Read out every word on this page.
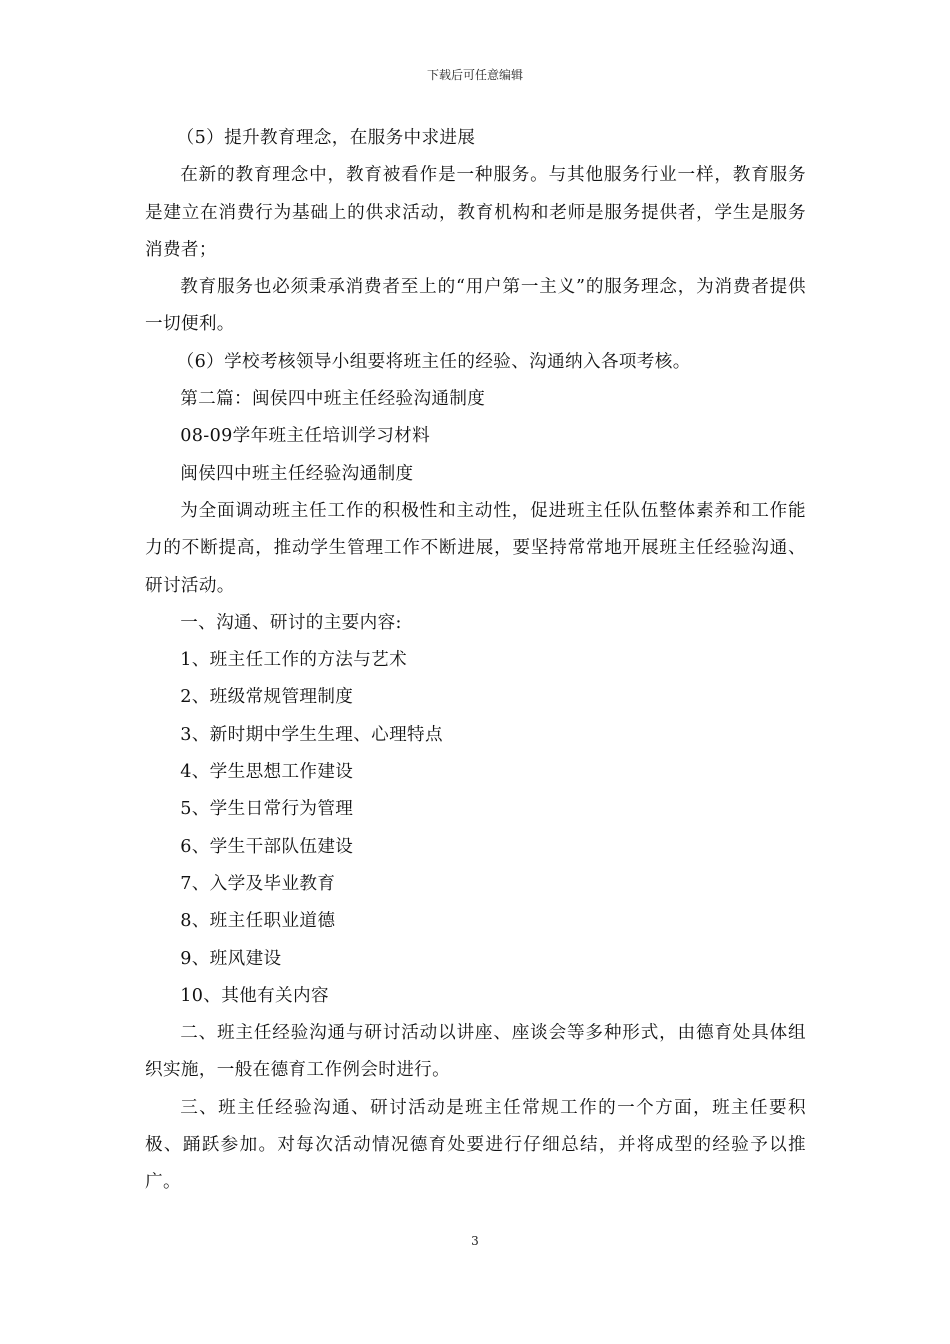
下载后可任意编辑

（5）提升教育理念，在服务中求进展

在新的教育理念中，教育被看作是一种服务。与其他服务行业一样，教育服务是建立在消费行为基础上的供求活动，教育机构和老师是服务提供者，学生是服务消费者；

教育服务也必须秉承消费者至上的“用户第一主义”的服务理念，为消费者提供一切便利。

（6）学校考核领导小组要将班主任的经验、沟通纳入各项考核。

第二篇：闽侯四中班主任经验沟通制度

08-09学年班主任培训学习材料

闽侯四中班主任经验沟通制度

为全面调动班主任工作的积极性和主动性，促进班主任队伍整体素养和工作能力的不断提高，推动学生管理工作不断进展，要坚持常常地开展班主任经验沟通、研讨活动。

一、沟通、研讨的主要内容:

1、班主任工作的方法与艺术

2、班级常规管理制度

3、新时期中学生生理、心理特点

4、学生思想工作建设

5、学生日常行为管理

6、学生干部队伍建设

7、入学及毕业教育

8、班主任职业道德

9、班风建设

10、其他有关内容

二、班主任经验沟通与研讨活动以讲座、座谈会等多种形式，由德育处具体组织实施，一般在德育工作例会时进行。

三、班主任经验沟通、研讨活动是班主任常规工作的一个方面，班主任要积极、踊跃参加。对每次活动情况德育处要进行仔细总结，并将成型的经验予以推广。

3
